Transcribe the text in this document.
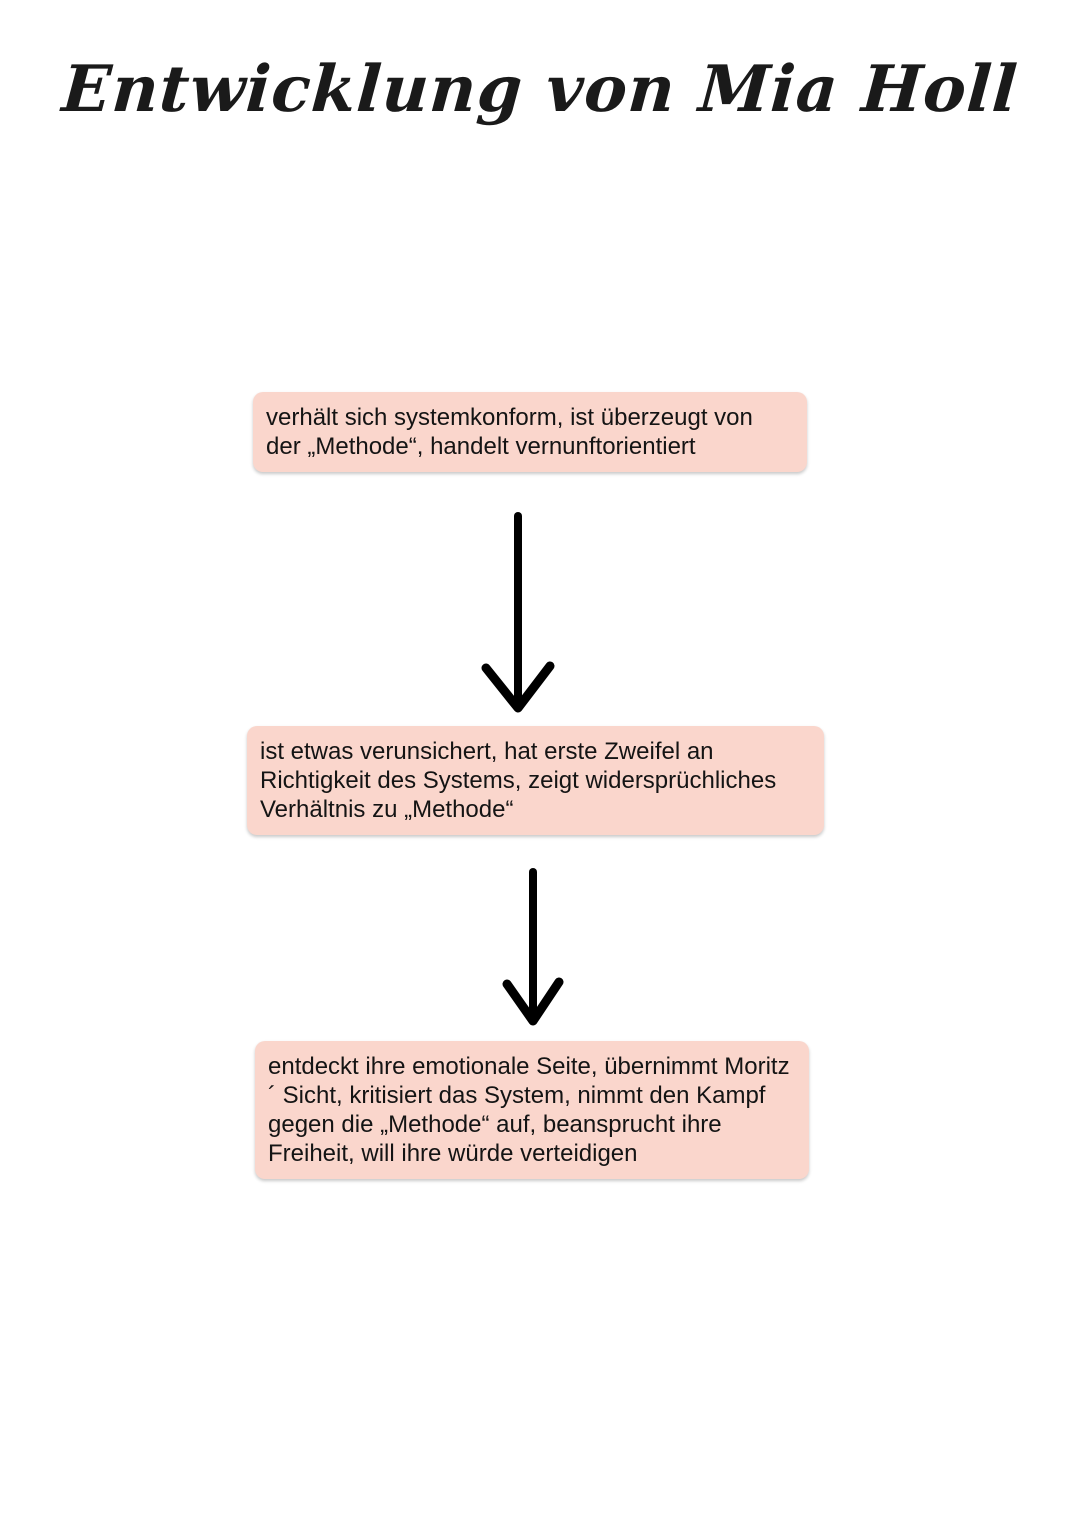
Entwicklung von Mia Holl
verhält sich systemkonform, ist überzeugt von der „Methode“, handelt vernunftorientiert
ist etwas verunsichert, hat erste Zweifel an Richtigkeit des Systems, zeigt widersprüchliches Verhältnis zu „Methode“
entdeckt ihre emotionale Seite, übernimmt Moritz´ Sicht, kritisiert das System, nimmt den Kampf gegen die „Methode“ auf, beansprucht ihre Freiheit, will ihre würde verteidigen
